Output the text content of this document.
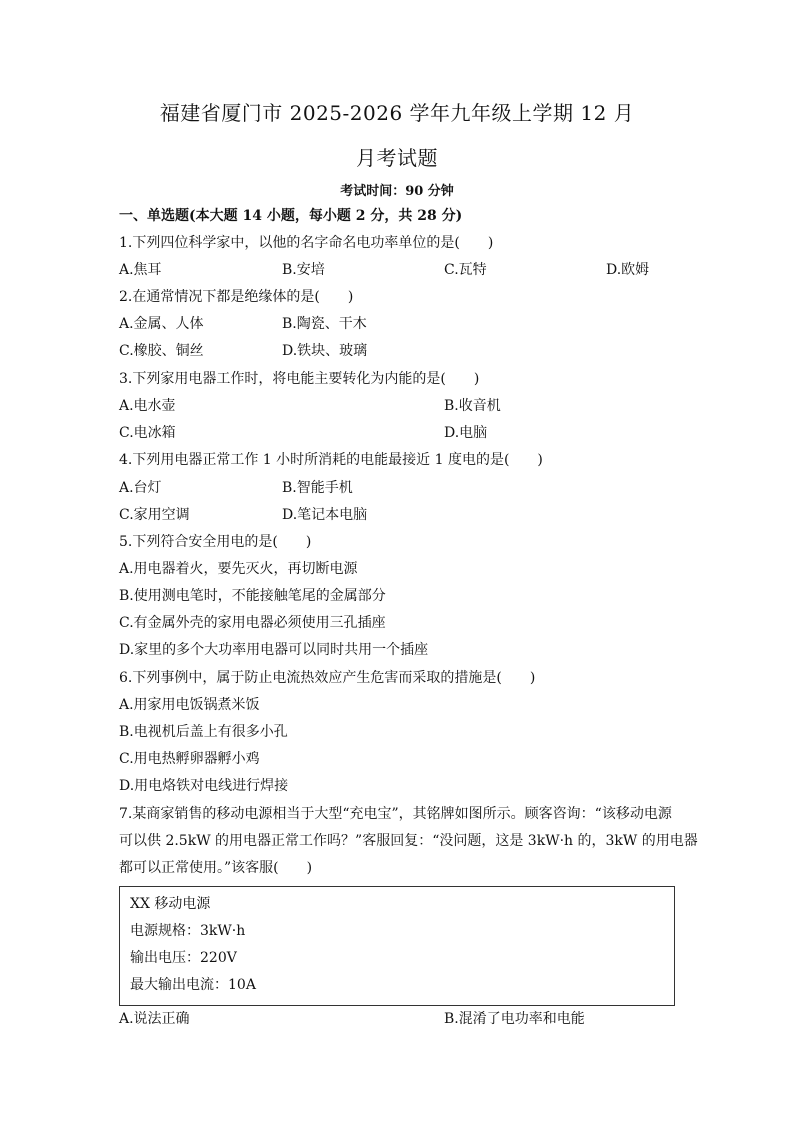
福建省厦门市 2025-2026 学年九年级上学期 12 月
月考试题
考试时间：90 分钟
一、单选题(本大题 14 小题，每小题 2 分，共 28 分)
1.下列四位科学家中，以他的名字命名电功率单位的是(　　)
A.焦耳	B.安培	C.瓦特	D.欧姆
2.在通常情况下都是绝缘体的是(　　)
A.金属、人体	B.陶瓷、干木
C.橡胶、铜丝	D.铁块、玻璃
3.下列家用电器工作时，将电能主要转化为内能的是(　　)
A.电水壶	B.收音机
C.电冰箱	D.电脑
4.下列用电器正常工作 1 小时所消耗的电能最接近 1 度电的是(　　)
A.台灯	B.智能手机
C.家用空调	D.笔记本电脑
5.下列符合安全用电的是(　　)
A.用电器着火，要先灭火，再切断电源
B.使用测电笔时，不能接触笔尾的金属部分
C.有金属外壳的家用电器必须使用三孔插座
D.家里的多个大功率用电器可以同时共用一个插座
6.下列事例中，属于防止电流热效应产生危害而采取的措施是(　　)
A.用家用电饭锅煮米饭
B.电视机后盖上有很多小孔
C.用电热孵卵器孵小鸡
D.用电烙铁对电线进行焊接
7.某商家销售的移动电源相当于大型“充电宝”，其铭牌如图所示。顾客咨询：“该移动电源
可以供 2.5kW 的用电器正常工作吗？”客服回复：“没问题，这是 3kW·h 的，3kW 的用电器
都可以正常使用。”该客服(　　)
XX 移动电源
电源规格：3kW·h
输出电压：220V
最大输出电流：10A
A.说法正确	B.混淆了电功率和电能
